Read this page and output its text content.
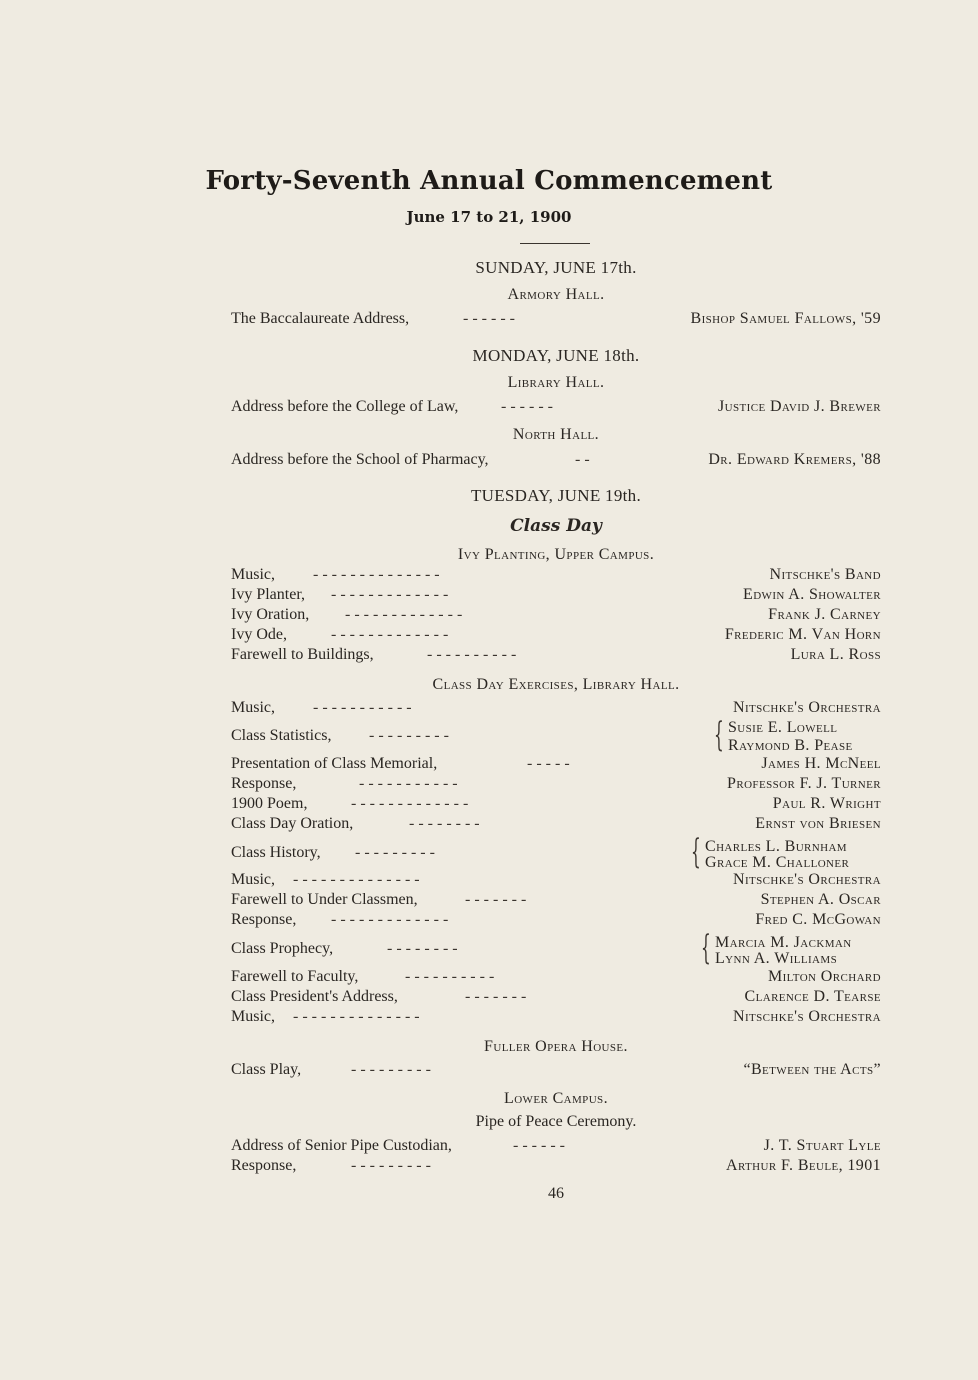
Forty-Seventh Annual Commencement
June 17 to 21, 1900
SUNDAY, JUNE 17th.
Armory Hall.
The Baccalaureate Address,	- - - - - -	Bishop Samuel Fallows, '59
MONDAY, JUNE 18th.
Library Hall.
Address before the College of Law,	- - - - - -	Justice David J. Brewer
North Hall.
Address before the School of Pharmacy,	- -	Dr. Edward Kremers, '88
TUESDAY, JUNE 19th.
Class Day
Ivy Planting, Upper Campus.
Music, - - - - - - - - - - - - - -	Nitschke's Band
Ivy Planter, - - - - - - - - - - - - -	Edwin A. Showalter
Ivy Oration, - - - - - - - - - - - - -	Frank J. Carney
Ivy Ode,	- - - - - - - - - - - - -	Frederic M. Van Horn
Farewell to Buildings,	- - - - - - - - - -	Lura L. Ross
Class Day Exercises, Library Hall.
Music, - - - - - - - - - - -	Nitschke's Orchestra
Class Statistics, - - - - - - - - -	{ Susie E. Lowell
Raymond B. Pease
Presentation of Class Memorial,	- - - - -	James H. McNeel
Response,	- - - - - - - - - - -	Professor F. J. Turner
1900 Poem,	- - - - - - - - - - - - -	Paul R. Wright
Class Day Oration,	- - - - - - - -	Ernst von Briesen
Class History, - - - - - - - - -	{ Charles L. Burnham
Grace M. Challoner
Music, - - - - - - - - - - - - - -	Nitschke's Orchestra
Farewell to Under Classmen,	- - - - - - -	Stephen A. Oscar
Response, - - - - - - - - - - - - -	Fred C. McGowan
Class Prophecy,	- - - - - - - -	{ Marcia M. Jackman
Lynn A. Williams
Farewell to Faculty,	- - - - - - - - - -	Milton Orchard
Class President's Address,	- - - - - - -	Clarence D. Tearse
Music, - - - - - - - - - - - - - -	Nitschke's Orchestra
Fuller Opera House.
Class Play,	- - - - - - - - -	“Between the Acts”
Lower Campus.
Pipe of Peace Ceremony.
Address of Senior Pipe Custodian,	- - - - - -	J. T. Stuart Lyle
Response,	- - - - - - - - -	Arthur F. Beule, 1901
46
